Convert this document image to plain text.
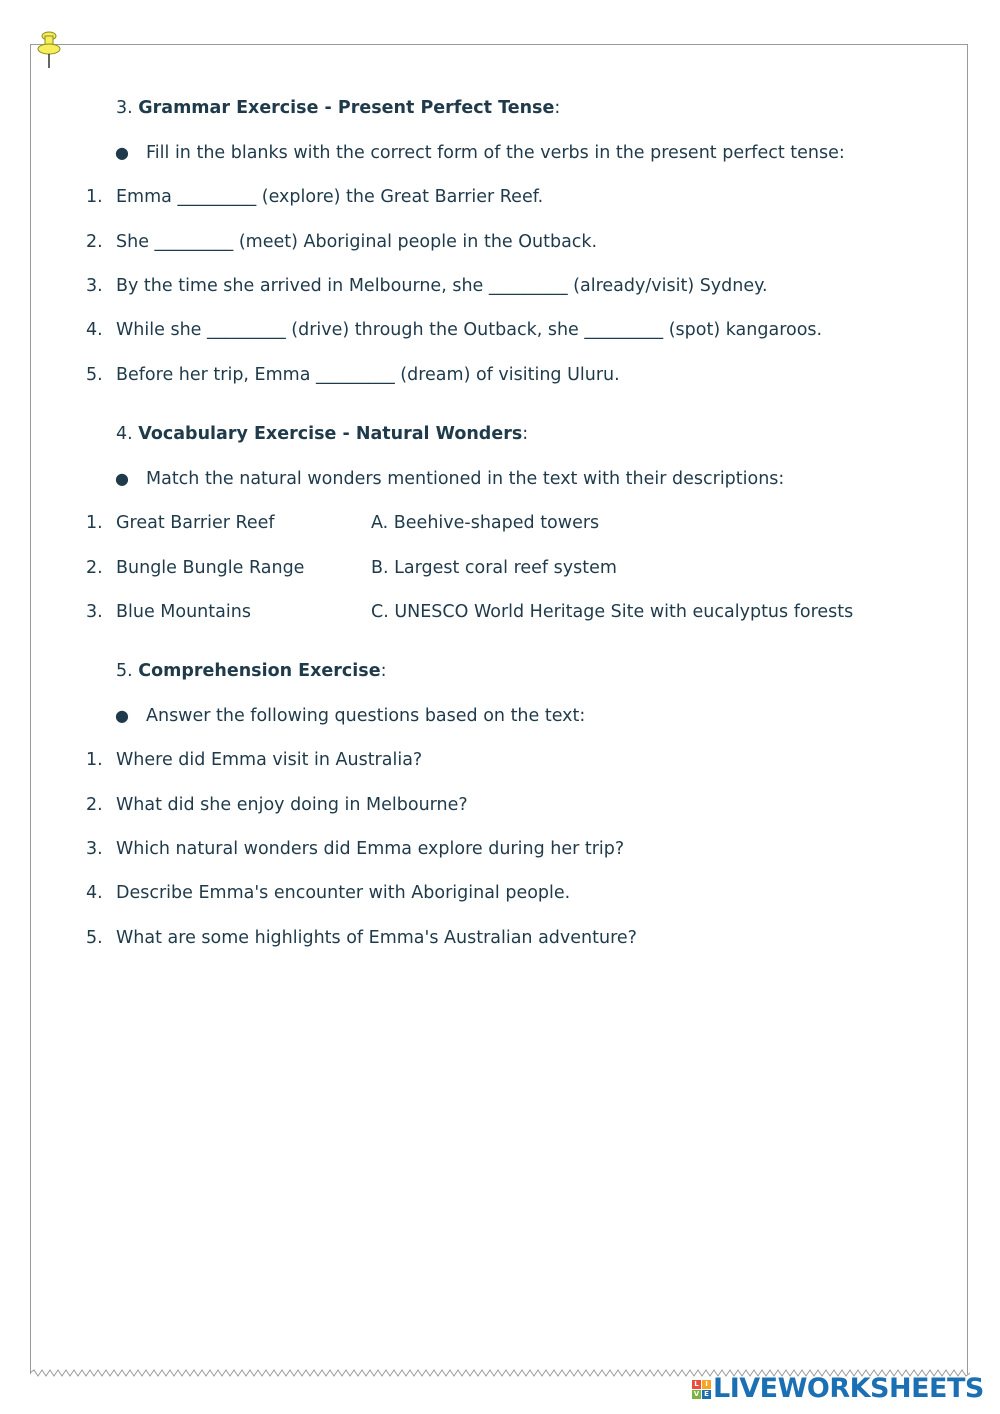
3. Grammar Exercise - Present Perfect Tense:
● Fill in the blanks with the correct form of the verbs in the present perfect tense:
1. Emma _________ (explore) the Great Barrier Reef.
2. She _________ (meet) Aboriginal people in the Outback.
3. By the time she arrived in Melbourne, she _________ (already/visit) Sydney.
4. While she _________ (drive) through the Outback, she _________ (spot) kangaroos.
5. Before her trip, Emma _________ (dream) of visiting Uluru.
4. Vocabulary Exercise - Natural Wonders:
● Match the natural wonders mentioned in the text with their descriptions:
1. Great Barrier Reef	A. Beehive-shaped towers
2. Bungle Bungle Range	B. Largest coral reef system
3. Blue Mountains	C. UNESCO World Heritage Site with eucalyptus forests
5. Comprehension Exercise:
● Answer the following questions based on the text:
1. Where did Emma visit in Australia?
2. What did she enjoy doing in Melbourne?
3. Which natural wonders did Emma explore during her trip?
4. Describe Emma's encounter with Aboriginal people.
5. What are some highlights of Emma's Australian adventure?
L I
V E LIVEWORKSHEETS
